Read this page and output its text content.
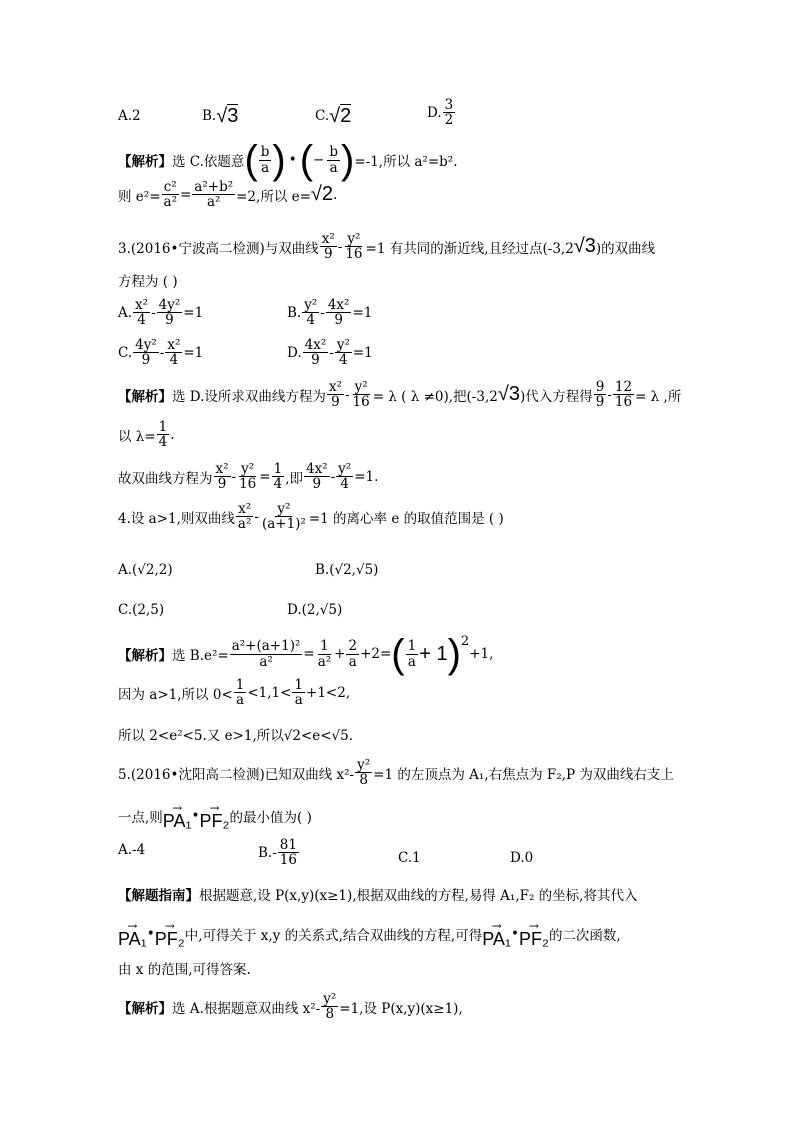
A.2	B. √ 3	C. √ 2	D. $\frac{3}{2}$
【解析】 选 C.依题意 ( $\frac{b}{a}$ ) • ( − $\frac{b}{a}$ ) =-1,所以 a²=b².
则 $e^2= \frac{\text{c²}}{\text{a²}} = \frac{\text{a²+b²}}{\text{a²}} =2$,所以 e= √2 .
3.(2016•宁波高二检测)与双曲线 $\frac{\text{x²}}{9} - \frac{\text{y²}}{16} =1$ 有共同的渐近线,且经过点(-3,2 √3 )的双曲线
方程为 ( )
A. $\frac{\text{x²}}{4} - \frac{\text{4y²}}{9} =1$	B. $\frac{\text{y²}}{4} - \frac{\text{4x²}}{9} =1$
C. $\frac{\text{4y²}}{9} - \frac{\text{x²}}{4} =1$	D. $\frac{\text{4x²}}{9} - \frac{\text{y²}}{4} =1$
【解析】 选 D.设所求双曲线方程为 $\frac{\text{x²}}{9} - \frac{\text{y²}}{16} = \lambda$ ( λ ≠0),把(-3,2 √3 )代入方程得 $\frac{9}{9} - \frac{12}{16} = \lambda$ ,所
以 $\lambda= \frac{1}{4}$ .
故双曲线方程为 $\frac{\text{x²}}{9} - \frac{\text{y²}}{16} = \frac{1}{4}$ ,即 $\frac{\text{4x²}}{9} - \frac{\text{y²}}{4} =1$.
4.设 a>1,则双曲线 $\frac{\text{x²}}{\text{a²}} - \frac{\text{y²}}{\text{(a+1)²}} =1$ 的离心率 e 的取值范围是 ( )
A.(√2,2)	B.(√2,√5)
C.(2,5)	D.(2,√5)
【解析】 选 $B.e^2= \frac{\text{a²+(a+1)²}}{\text{a²}} = \frac{1}{\text{a²}} + \frac{2}{a} +2=$ ( $\frac{1}{a} + 1$ ) 2
+1,
因为 a>1,所以 $0< \frac{1}{a} <1,1< \frac{1}{a} +1<2$,
所以 2<e²<5.又 e>1,所以√2<e<√5.
5.(2016•沈阳高二检测)已知双曲线 $x^2- \frac{\text{y²}}{8} =1$ 的左顶点为 A₁,右焦点为 F₂,P 为双曲线右支上
一点,则
→
PA₁ • →
PF₂ 的最小值为( )
A.-4	$B.- \frac{81}{16}$	C.1	D.0
【解题指南】 根据题意,设 P(x,y)(x≥1),根据双曲线的方程,易得 A₁,F₂ 的坐标,将其代入
→
PA₁ • →
PF₂ 中,可得关于 x,y 的关系式,结合双曲线的方程,可得
→
PA₁ • →
PF₂ 的二次函数,
由 x 的范围,可得答案.
【解析】 选 A.根据题意双曲线 $x^2- \frac{\text{y²}}{8} =1$,设 P(x,y)(x≥1),
